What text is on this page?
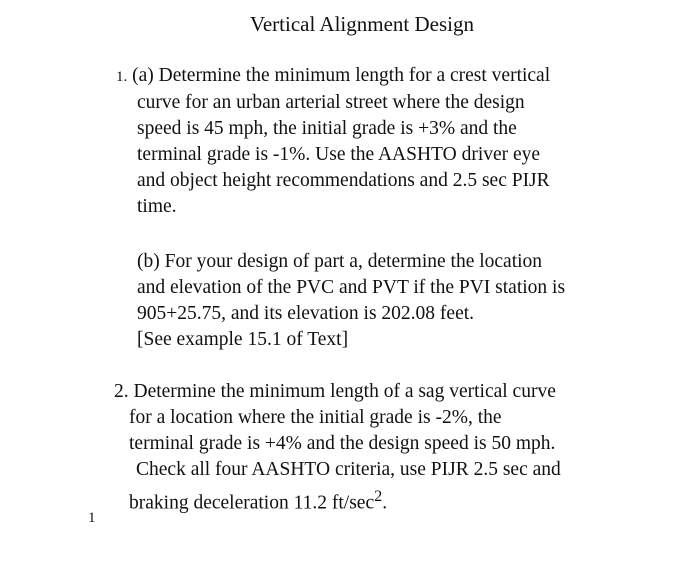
Vertical Alignment Design
1. (a) Determine the minimum length for a crest vertical
curve for an urban arterial street where the design
speed is 45 mph, the initial grade is +3% and the
terminal grade is -1%. Use the AASHTO driver eye
and object height recommendations and 2.5 sec PIJR
time.
(b) For your design of part a, determine the location
and elevation of the PVC and PVT if the PVI station is
905+25.75, and its elevation is 202.08 feet.
[See example 15.1 of Text]
2. Determine the minimum length of a sag vertical curve
for a location where the initial grade is -2%, the
terminal grade is +4% and the design speed is 50 mph.
Check all four AASHTO criteria, use PIJR 2.5 sec and
braking deceleration 11.2 $ft/\sec^2$.
1
